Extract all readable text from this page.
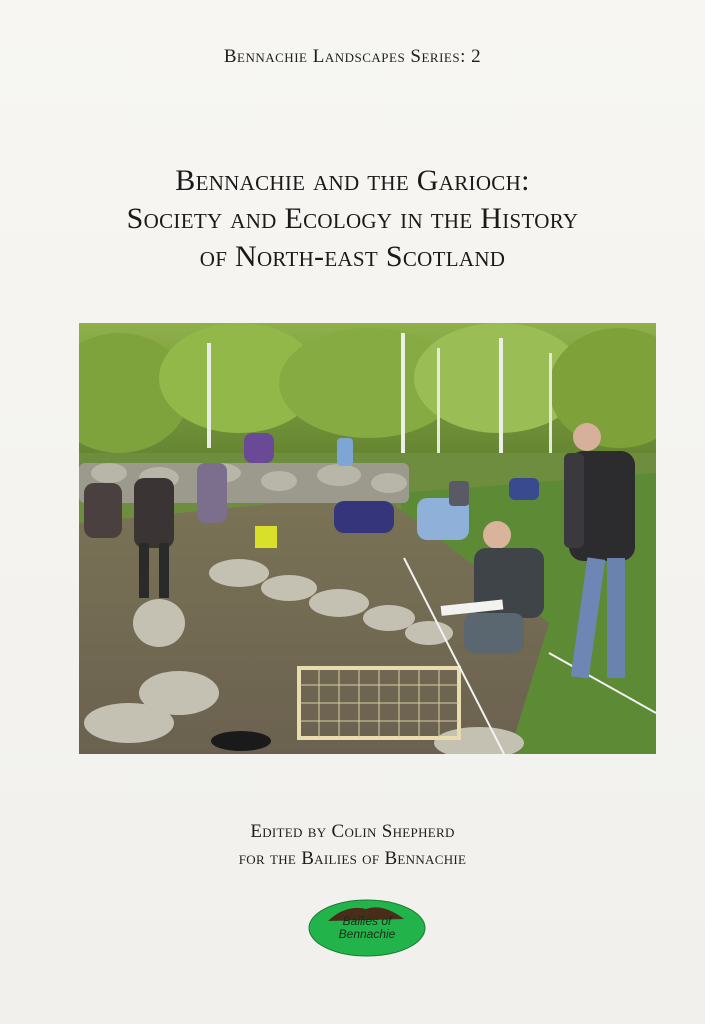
Bennachie Landscapes Series: 2
Bennachie and the Garioch:
Society and Ecology in the History
of North-east Scotland
Edited by Colin Shepherd
for the Bailies of Bennachie
Bailies of
Bennachie
